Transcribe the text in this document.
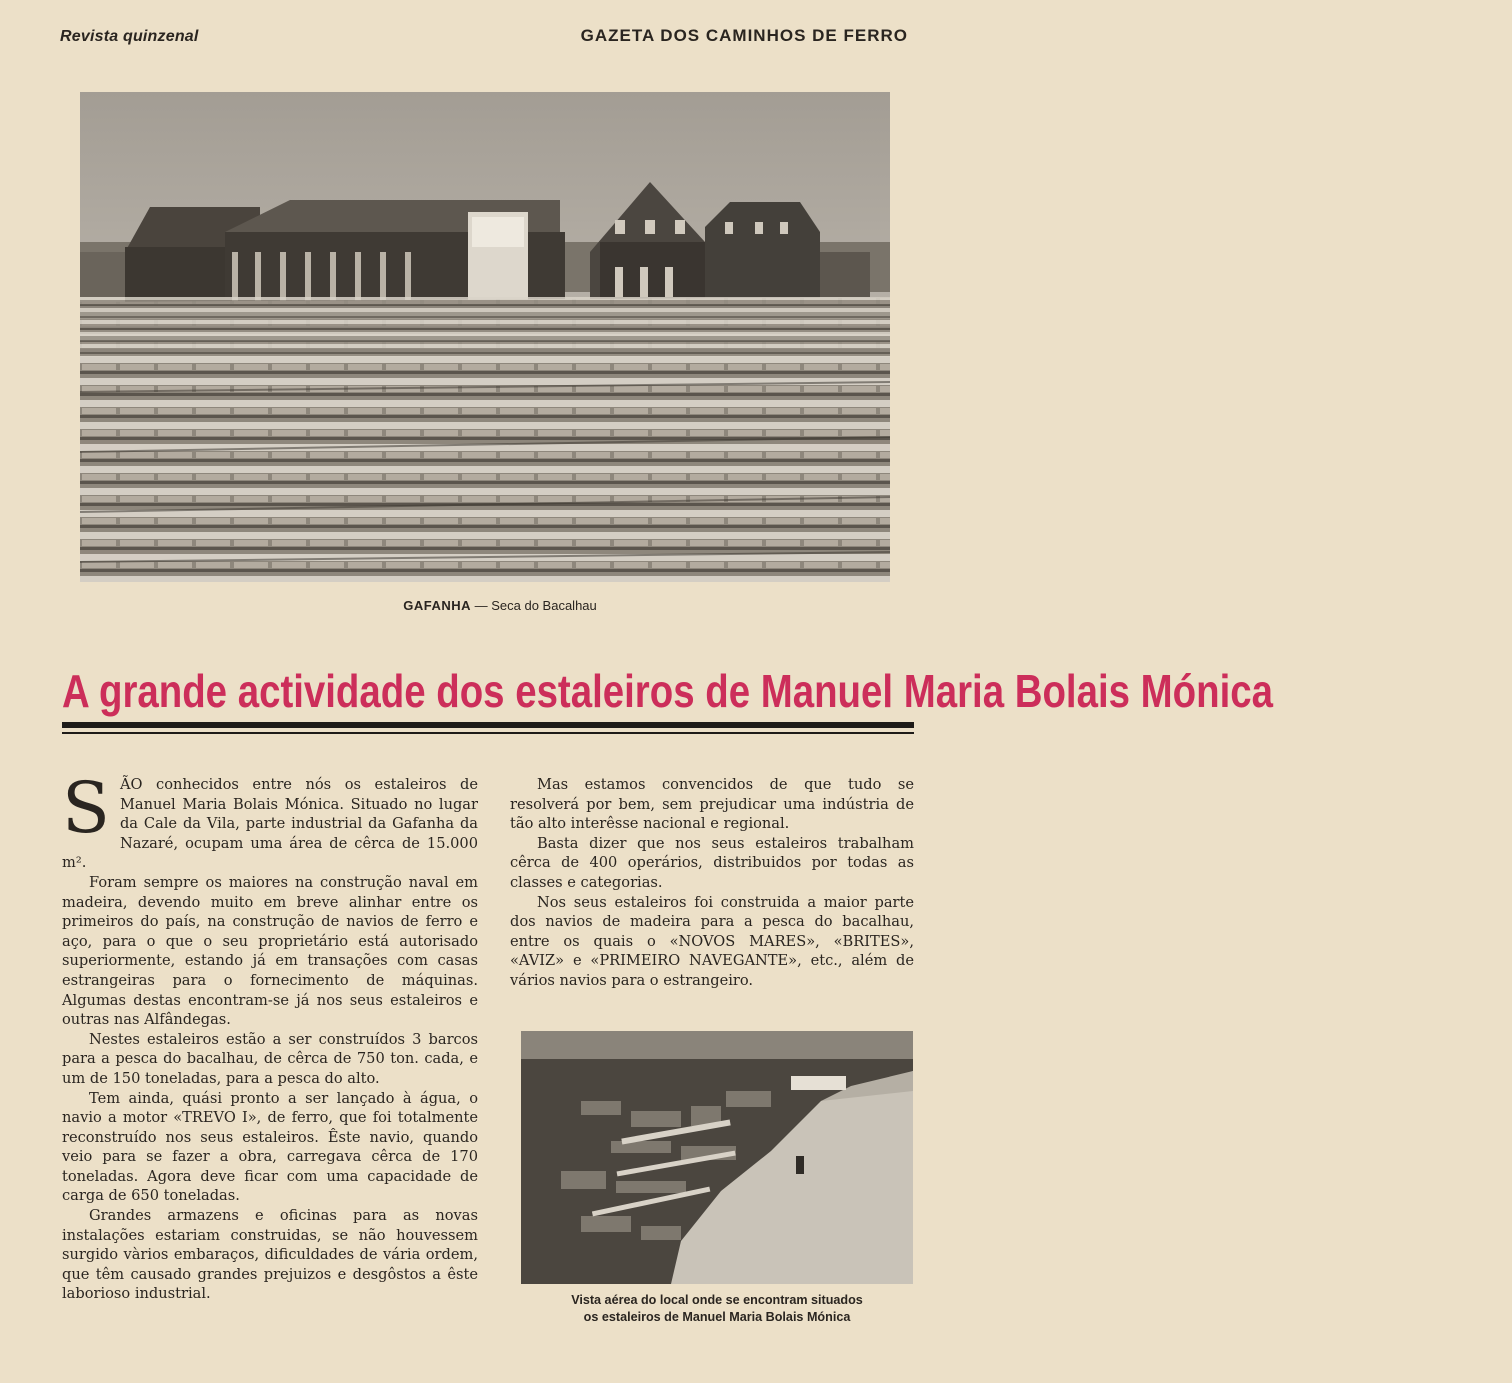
Revista quinzenal	GAZETA DOS CAMINHOS DE FERRO
GAFANHA — Seca do Bacalhau
A grande actividade dos estaleiros de Manuel Maria Bolais Mónica

SÃO conhecidos entre nós os estaleiros de Manuel Maria Bolais Mónica. Situado no lugar da Cale da Vila, parte industrial da Gafanha da Nazaré, ocupam uma área de cêrca de 15.000 m².

Foram sempre os maiores na construção naval em madeira, devendo muito em breve alinhar entre os primeiros do país, na construção de navios de ferro e aço, para o que o seu proprietário está autorisado superiormente, estando já em transações com casas estrangeiras para o fornecimento de máquinas. Algumas destas encontram-se já nos seus estaleiros e outras nas Alfândegas.

Nestes estaleiros estão a ser construídos 3 barcos para a pesca do bacalhau, de cêrca de 750 ton. cada, e um de 150 toneladas, para a pesca do alto.

Tem ainda, quási pronto a ser lançado à água, o navio a motor «TREVO I», de ferro, que foi totalmente reconstruído nos seus estaleiros. Êste navio, quando veio para se fazer a obra, carregava cêrca de 170 toneladas. Agora deve ficar com uma capacidade de carga de 650 toneladas.

Grandes armazens e oficinas para as novas instalações estariam construidas, se não houvessem surgido vàrios embaraços, dificuldades de vária ordem, que têm causado grandes prejuizos e desgôstos a êste laborioso industrial.

Mas estamos convencidos de que tudo se resolverá por bem, sem prejudicar uma indústria de tão alto interêsse nacional e regional.

Basta dizer que nos seus estaleiros trabalham cêrca de 400 operários, distribuidos por todas as classes e categorias.

Nos seus estaleiros foi construida a maior parte dos navios de madeira para a pesca do bacalhau, entre os quais o «NOVOS MARES», «BRITES», «AVIZ» e «PRIMEIRO NAVEGANTE», etc., além de vários navios para o estrangeiro.

Vista aérea do local onde se encontram situados
os estaleiros de Manuel Maria Bolais Mónica
